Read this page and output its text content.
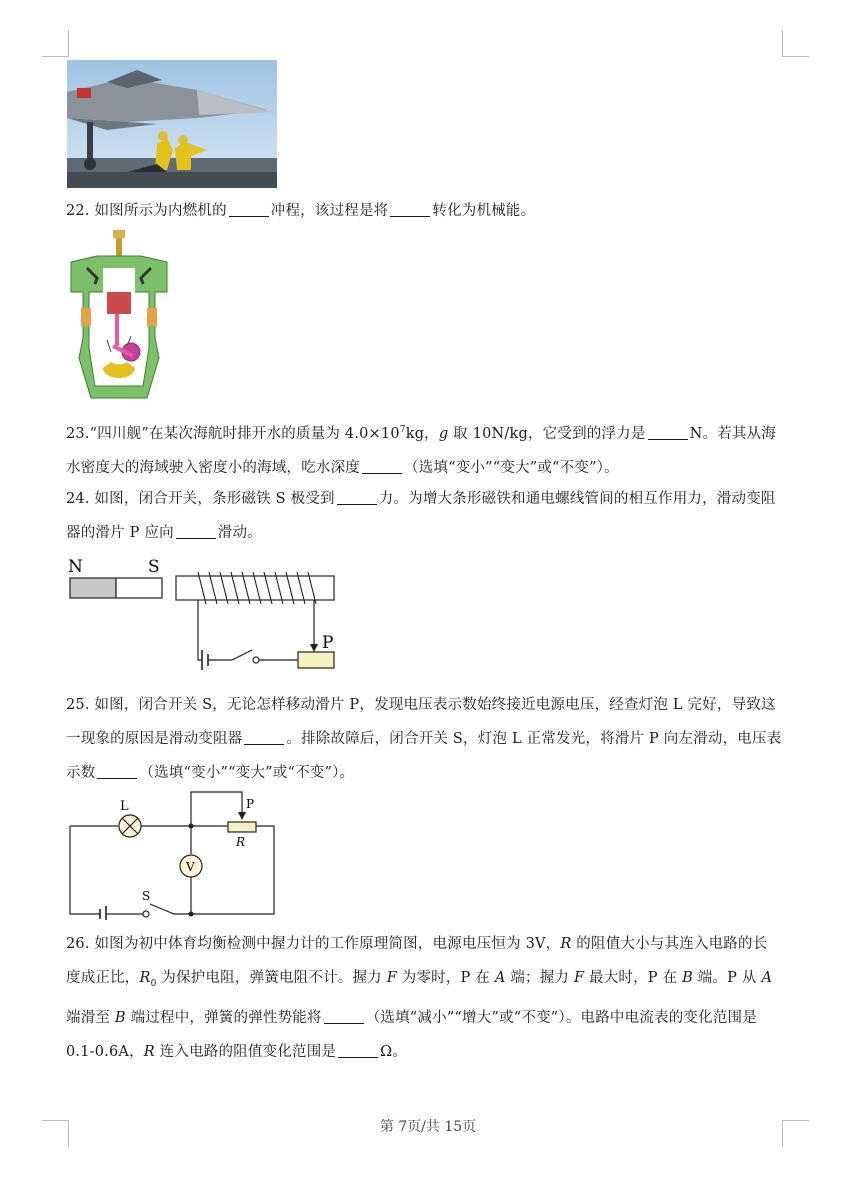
22. 如图所示为内燃机的	冲程，该过程是将	转化为机械能。
23.“四川舰”在某次海航时排开水的质量为 $4.0\times 10^7kg$，g 取 10N/kg，它受到的浮力是	N。若其从海水密度大的海域驶入密度小的海域，吃水深度	（选填“变小”“变大”或“不变”）。
24. 如图，闭合开关，条形磁铁 S 极受到	力。为增大条形磁铁和通电螺线管间的相互作用力，滑动变阻器的滑片 P 应向	滑动。
N	S
P
25. 如图，闭合开关 S，无论怎样移动滑片 P，发现电压表示数始终接近电源电压，经查灯泡 L 完好，导致这一现象的原因是滑动变阻器	。排除故障后，闭合开关 S，灯泡 L 正常发光，将滑片 P 向左滑动，电压表示数	（选填“变小”“变大”或“不变”）。
L	P
R
V
S
26. 如图为初中体育均衡检测中握力计的工作原理简图，电源电压恒为 3V，R 的阻值大小与其连入电路的长度成正比，$R_0$ 为保护电阻，弹簧电阻不计。握力 F 为零时，P 在 A 端；握力 F 最大时，P 在 B 端。P 从 A 端滑至 B 端过程中，弹簧的弹性势能将	（选填“减小”“增大”或“不变”）。电路中电流表的变化范围是 0.1-0.6A，R 连入电路的阻值变化范围是	Ω。
第 7页/共 15页
